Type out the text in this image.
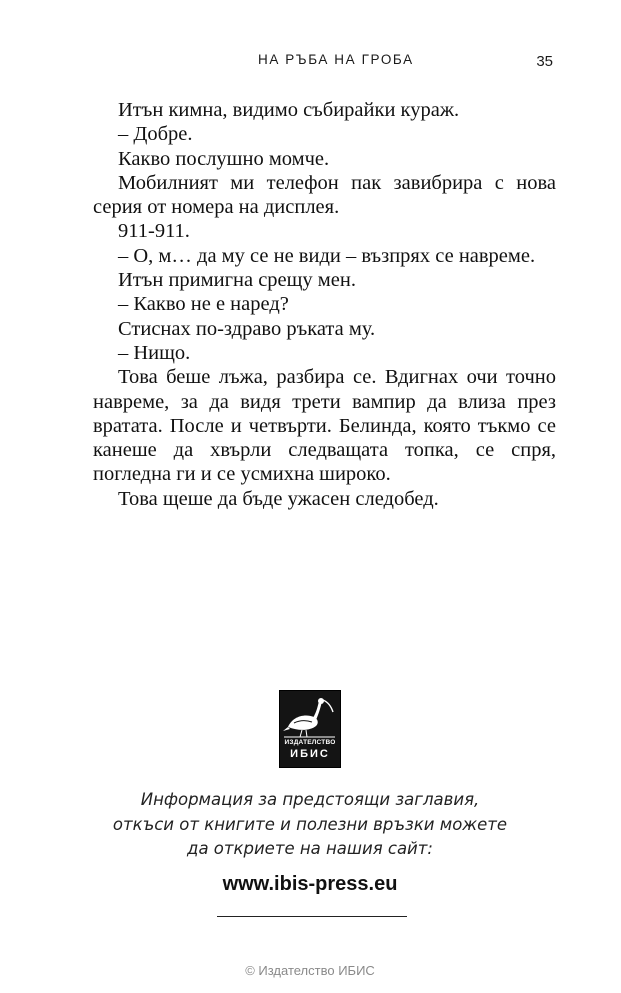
НА РЪБА НА ГРОБА	35

Итън кимна, видимо събирайки кураж.

– Добре.

Какво послушно момче.

Мобилният ми телефон пак завибрира с нова серия от номера на дисплея.

911-911.

– О, м… да му се не види – възпрях се навреме.

Итън примигна срещу мен.

– Какво не е наред?

Стиснах по-здраво ръката му.

– Нищо.

Това беше лъжа, разбира се. Вдигнах очи точно навреме, за да видя трети вампир да влиза през вратата. После и четвърти. Белинда, която тъкмо се канеше да хвърли следващата топка, се спря, погледна ги и се усмихна широко.

Това щеше да бъде ужасен следобед.

ИЗДАТЕЛСТВО
ИБИС
Информация за предстоящи заглавия,
откъси от книгите и полезни връзки можете
да откриете на нашия сайт:
www.ibis-press.eu
© Издателство ИБИС
